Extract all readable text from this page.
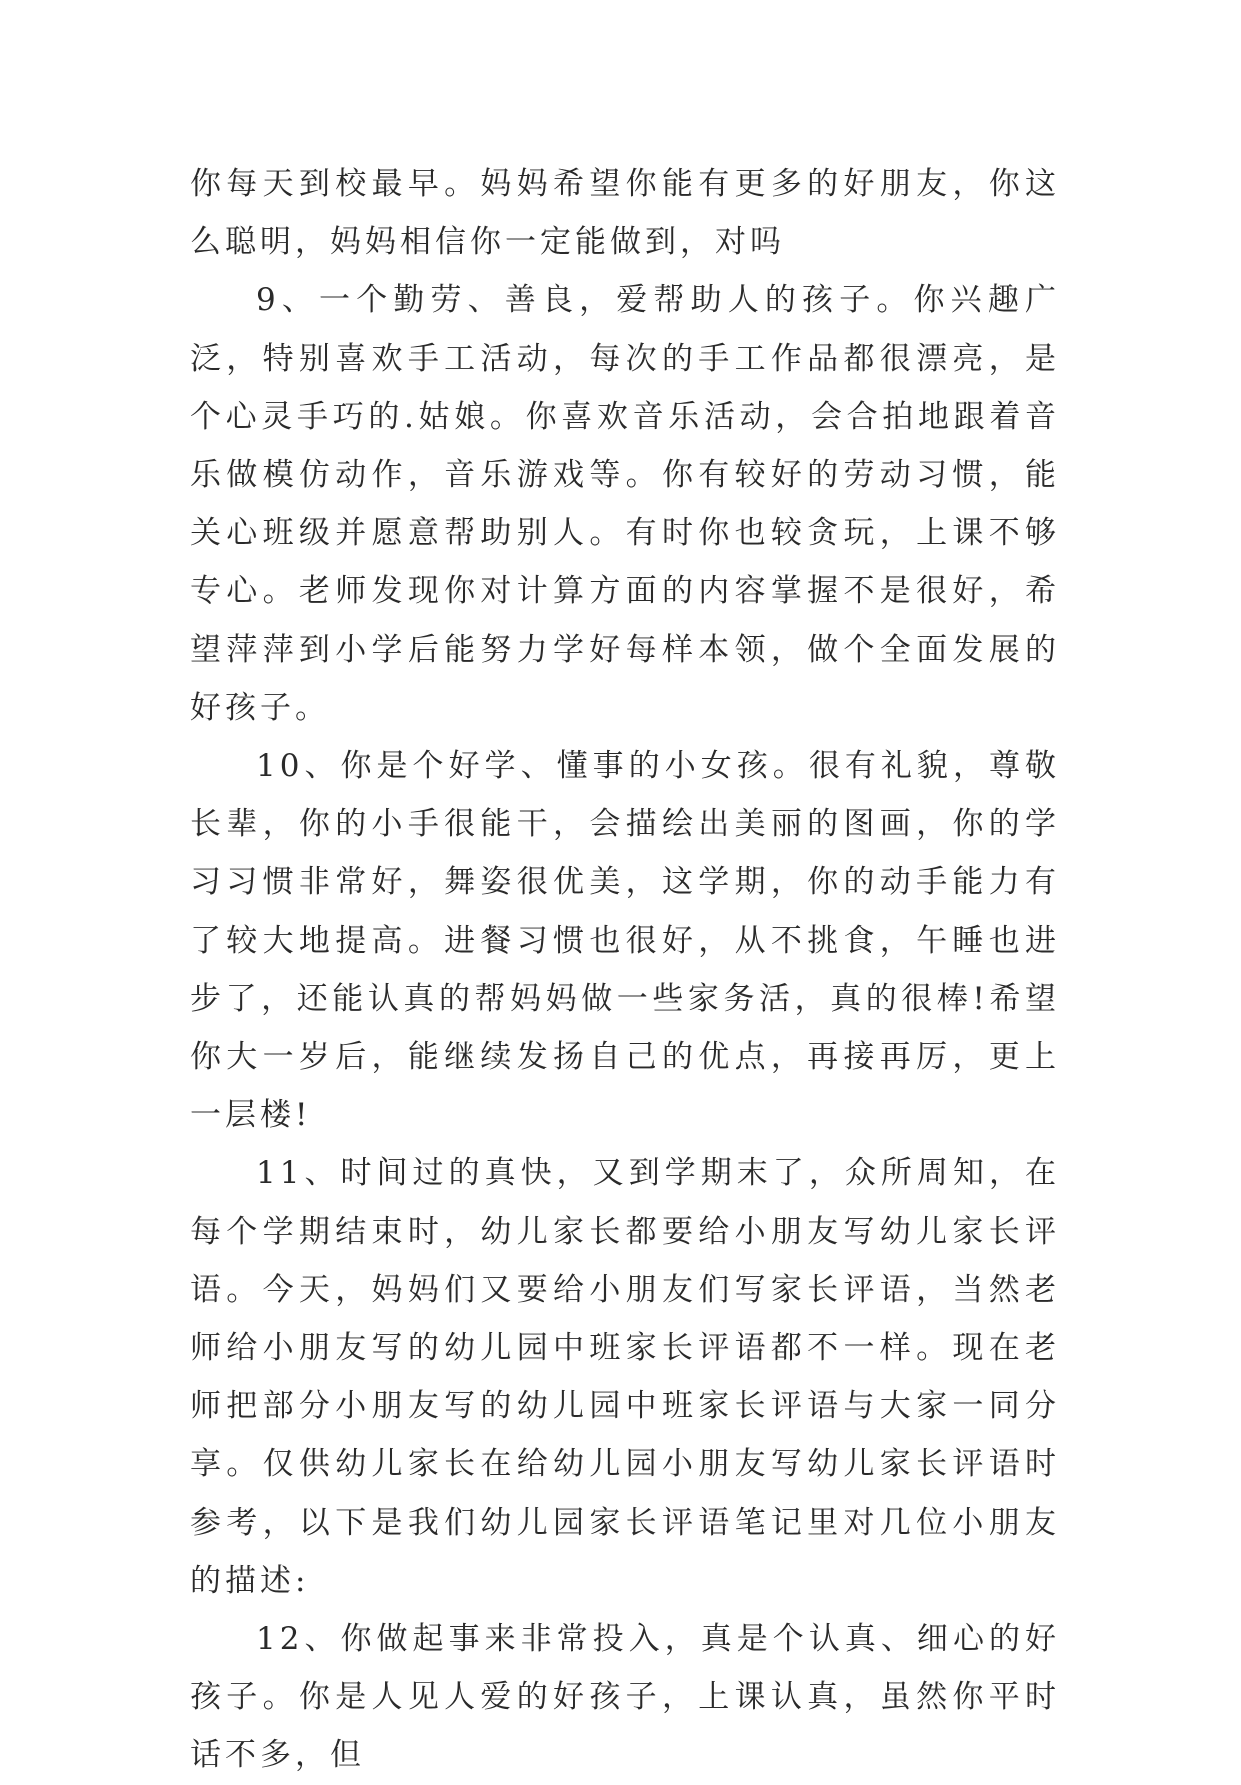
你每天到校最早。妈妈希望你能有更多的好朋友，你这么聪明，妈妈相信你一定能做到，对吗

9、一个勤劳、善良，爱帮助人的孩子。你兴趣广泛，特别喜欢手工活动，每次的手工作品都很漂亮，是个心灵手巧的.姑娘。你喜欢音乐活动，会合拍地跟着音乐做模仿动作，音乐游戏等。你有较好的劳动习惯，能关心班级并愿意帮助别人。有时你也较贪玩，上课不够专心。老师发现你对计算方面的内容掌握不是很好，希望萍萍到小学后能努力学好每样本领，做个全面发展的好孩子。

10、你是个好学、懂事的小女孩。很有礼貌，尊敬长辈，你的小手很能干，会描绘出美丽的图画，你的学习习惯非常好，舞姿很优美，这学期，你的动手能力有了较大地提高。进餐习惯也很好，从不挑食，午睡也进步了，还能认真的帮妈妈做一些家务活，真的很棒!希望你大一岁后，能继续发扬自己的优点，再接再厉，更上一层楼!

11、时间过的真快，又到学期末了，众所周知，在每个学期结束时，幼儿家长都要给小朋友写幼儿家长评语。今天，妈妈们又要给小朋友们写家长评语，当然老师给小朋友写的幼儿园中班家长评语都不一样。现在老师把部分小朋友写的幼儿园中班家长评语与大家一同分享。仅供幼儿家长在给幼儿园小朋友写幼儿家长评语时参考，以下是我们幼儿园家长评语笔记里对几位小朋友的描述:

12、你做起事来非常投入，真是个认真、细心的好孩子。你是人见人爱的好孩子，上课认真，虽然你平时话不多，但
